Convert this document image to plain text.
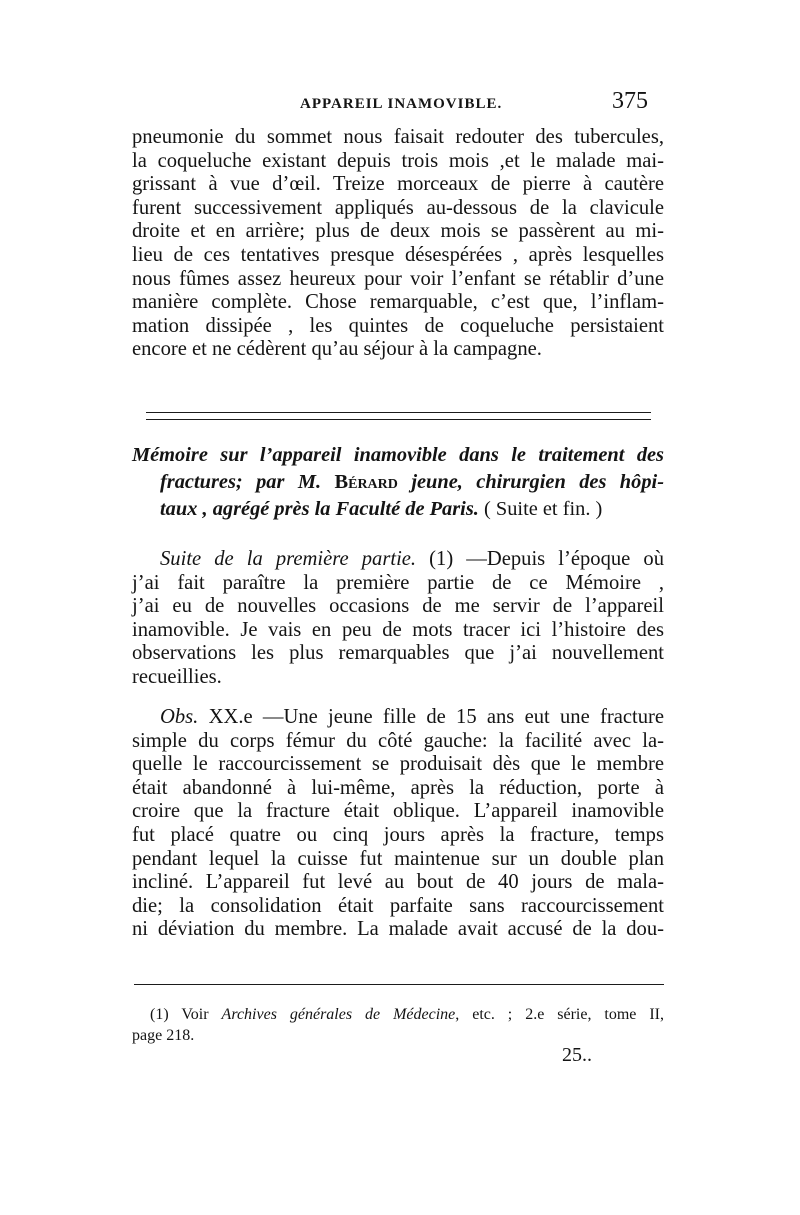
APPAREIL INAMOVIBLE.	375
pneumonie du sommet nous faisait redouter des tubercules,
la coqueluche existant depuis trois mois ,et le malade mai-
grissant à vue d’œil. Treize morceaux de pierre à cautère
furent successivement appliqués au-dessous de la clavicule
droite et en arrière; plus de deux mois se passèrent au mi-
lieu de ces tentatives presque désespérées , après lesquelles
nous fûmes assez heureux pour voir l’enfant se rétablir d’une
manière complète. Chose remarquable, c’est que, l’inflam-
mation dissipée , les quintes de coqueluche persistaient
encore et ne cédèrent qu’au séjour à la campagne.
Mémoire sur l’appareil inamovible dans le traitement des
fractures; par M. Bérard jeune, chirurgien des hôpi-
taux , agrégé près la Faculté de Paris. ( Suite et fin. )
Suite de la première partie. (1) —Depuis l’époque où
j’ai fait paraître la première partie de ce Mémoire ,
j’ai eu de nouvelles occasions de me servir de l’appareil
inamovible. Je vais en peu de mots tracer ici l’histoire des
observations les plus remarquables que j’ai nouvellement
recueillies.
Obs. XX.e —Une jeune fille de 15 ans eut une fracture
simple du corps fémur du côté gauche: la facilité avec la-
quelle le raccourcissement se produisait dès que le membre
était abandonné à lui-même, après la réduction, porte à
croire que la fracture était oblique. L’appareil inamovible
fut placé quatre ou cinq jours après la fracture, temps
pendant lequel la cuisse fut maintenue sur un double plan
incliné. L’appareil fut levé au bout de 40 jours de mala-
die; la consolidation était parfaite sans raccourcissement
ni déviation du membre. La malade avait accusé de la dou-
(1) Voir Archives générales de Médecine, etc. ; 2.e série, tome II,
page 218.
25..
